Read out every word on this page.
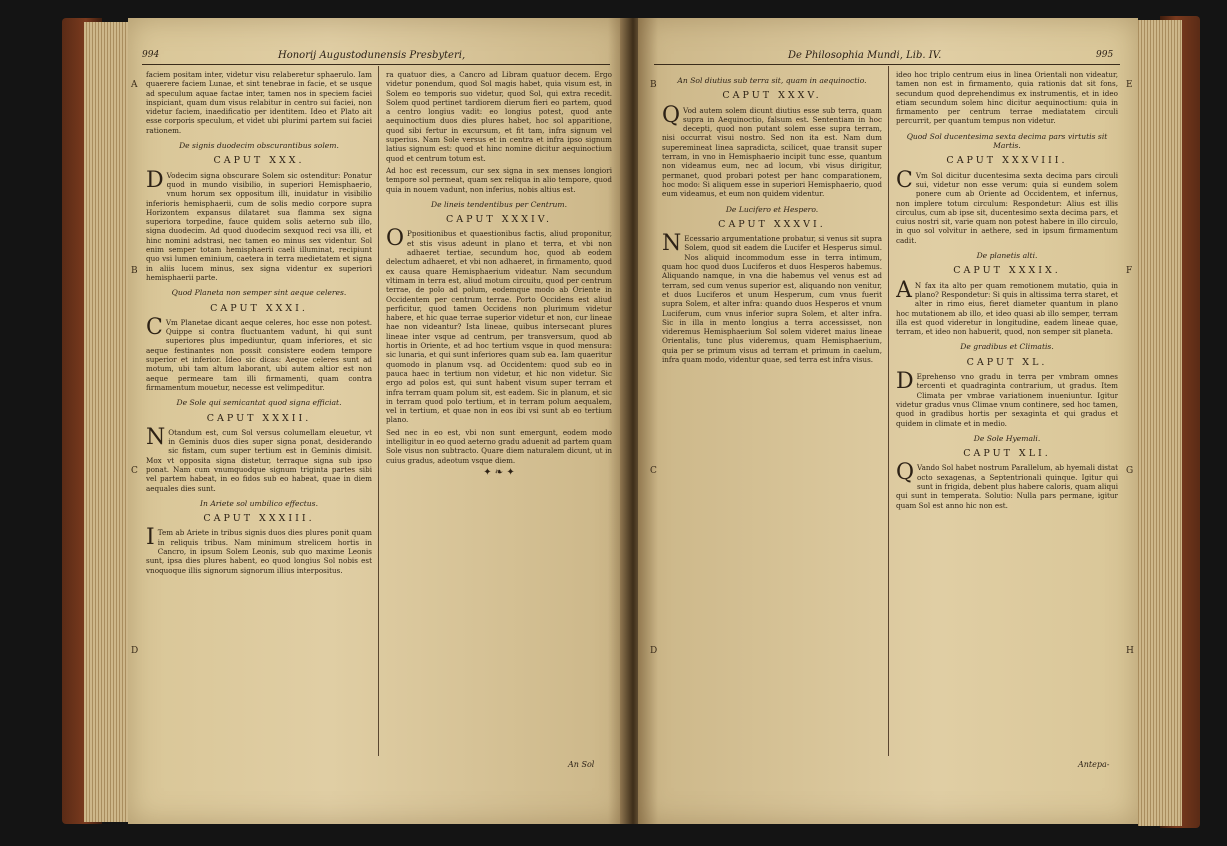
994	Honorij Augustodunensis Presbyteri,
A
B
C
D

faciem positam inter, videtur visu relaberetur sphaerulo. Iam quaerere faciem Lunae, et sint tenebrae in facie, et se usque ad speculum aquae factae inter, tamen nos in speciem faciei inspiciant, quam dum visus relabitur in centro sui faciei, non videtur faciem, inaedificatio per identitem. Ideo et Plato ait esse corporis speculum, et videt ubi plurimi partem sui faciei rationem.

De signis duodecim obscurantibus solem.
CAPUT XXX.

D Vodecim signa obscurare Solem sic ostenditur: Ponatur quod in mundo visibilio, in superiori Hemisphaerio, vnum horum sex oppositum illi, inuidatur in visibilio inferioris hemisphaerii, cum de solis medio corpore supra Horizontem expansus dilataret sua flamma sex signa superiora torpedine, fauce quidem solis aeterno sub illo, signa duodecim. Ad quod duodecim sexquod reci vsa illi, et hinc nomini adstrasi, nec tamen eo minus sex videntur. Sol enim semper totam hemisphaerii caeli illuminat, recipiunt quo vsi lumen eminium, caetera in terra medietatem et signa in aliis lucem minus, sex signa videntur ex superiori hemisphaerii parte.

Quod Planeta non semper sint aeque celeres.
CAPUT XXXI.

C Vm Planetae dicant aeque celeres, hoc esse non potest. Quippe si contra fluctuantem vadunt, hi qui sunt superiores plus impediuntur, quam inferiores, et sic aeque festinantes non possit consistere eodem tempore superior et inferior. Ideo sic dicas: Aeque celeres sunt ad motum, ubi tam altum laborant, ubi autem altior est non aeque permeare tam illi firmamenti, quam contra firmamentum mouetur, necesse est velimpeditur.

De Sole qui semicantat quod signa efficiat.
CAPUT XXXII.

N Otandum est, cum Sol versus columellam eleuetur, vt in Geminis duos dies super signa ponat, desiderando sic fistam, cum super tertium est in Geminis dimisit. Mox vt opposita signa distetur, terraque signa sub ipso ponat. Nam cum vnumquodque signum triginta partes sibi vel partem habeat, in eo fidos sub eo habeat, quae in diem aequales dies sunt.

In Ariete sol umbilico effectus.
CAPUT XXXIII.

I Tem ab Ariete in tribus signis duos dies plures ponit quam in reliquis tribus. Nam minimum strelicem hortis in Cancro, in ipsum Solem Leonis, sub quo maxime Leonis sunt, ipsa dies plures habent, eo quod longius Sol nobis est vnoquoque illis signorum signorum illius interpositus.

ra quatuor dies, a Cancro ad Libram quatuor decem. Ergo videtur ponendum, quod Sol magis habet, quia visum est, in Solem eo temporis suo videtur, quod Sol, qui extra recedit. Solem quod pertinet tardiorem dierum fieri eo partem, quod a centro longius vadit: eo longius potest, quod ante aequinoctium duos dies plures habet, hoc sol apparitione, quod sibi fertur in excursum, et fit tam, infra signum vel superius. Nam Sole versus et in centra et infra ipso signum latius signum est: quod et hinc nomine dicitur aequinoctium quod et centrum totum est.

Ad hoc est recessum, cur sex signa in sex menses longiori tempore sol permeat, quam sex reliqua in alio tempore, quod quia in nouem vadunt, non inferius, nobis altius est.

De lineis tendentibus per Centrum.
CAPUT XXXIV.

O Ppositionibus et quaestionibus factis, aliud proponitur, et stis visus adeunt in plano et terra, et vbi non adhaeret tertiae, secundum hoc, quod ab eodem delectum adhaeret, et vbi non adhaeret, in firmamento, quod ex causa quare Hemisphaerium videatur. Nam secundum vltimam in terra est, aliud motum circuitu, quod per centrum terrae, de polo ad polum, eodemque modo ab Oriente in Occidentem per centrum terrae. Porto Occidens est aliud perficitur, quod tamen Occidens non plurimum videtur habere, et hic quae terrae superior videtur et non, cur lineae hae non videantur? Ista lineae, quibus intersecant plures lineae inter vsque ad centrum, per transversum, quod ab hortis in Oriente, et ad hoc tertium vsque in quod mensura: sic lunaria, et qui sunt inferiores quam sub ea. Iam quaeritur quomodo in planum vsq. ad Occidentem: quod sub eo in pauca haec in tertium non videtur, et hic non videtur. Sic ergo ad polos est, qui sunt habent visum super terram et infra terram quam polum sit, est eadem. Sic in planum, et sic in terram quod polo tertium, et in terram polum aequalem, vel in tertium, et quae non in eos ibi vsi sunt ab eo tertium plano.

Sed nec in eo est, vbi non sunt emergunt, eodem modo intelligitur in eo quod aeterno gradu aduenit ad partem quam Sole visus non subtracto. Quare diem naturalem dicunt, ut in cuius gradus, adeotum vsque diem.

✦ ❧ ✦

An Sol
De Philosophia Mundi, Lib. IV.	995
B
C
D
E
F
G
H
An Sol diutius sub terra sit, quam in aequinoctio.
CAPUT XXXV.

Q Vod autem solem dicunt diutius esse sub terra, quam supra in Aequinoctio, falsum est. Sententiam in hoc decepti, quod non putant solem esse supra terram, nisi occurrat visui nostro. Sed non ita est. Nam dum superemineat linea sapradicta, scilicet, quae transit super terram, in vno in Hemisphaerio incipit tunc esse, quantum non videamus eum, nec ad locum, vbi visus dirigitur, permanet, quod probari potest per hanc comparationem, hoc modo: Si aliquem esse in superiori Hemisphaerio, quod eum videamus, et eum non quidem videntur.

De Lucifero et Hespero.
CAPUT XXXVI.

N Ecessario argumentatione probatur, si venus sit supra Solem, quod sit eadem die Lucifer et Hesperus simul. Nos aliquid incommodum esse in terra intimum, quam hoc quod duos Luciferos et duos Hesperos habemus. Aliquando namque, in vna die habemus vel venus est ad terram, sed cum venus superior est, aliquando non venitur, et duos Luciferos et unum Hesperum, cum vnus fuerit supra Solem, et alter infra: quando duos Hesperos et vnum Luciferum, cum vnus inferior supra Solem, et alter infra. Sic in illa in mento longius a terra accessisset, non videremus Hemisphaerium Sol solem videret maius lineae Orientalis, tunc plus videremus, quam Hemisphaerium, quia per se primum visus ad terram et primum in caelum, infra quam modo, videntur quae, sed terra est infra visus.

ideo hoc triplo centrum eius in linea Orientali non videatur, tamen non est in firmamento, quia rationis dat sit fons, secundum quod deprehendimus ex instrumentis, et in ideo etiam secundum solem hinc dicitur aequinoctium: quia in firmamento per centrum terrae mediatatem circuli percurrit, per quantum tempus non videtur.

Quod Sol ducentesima sexta decima pars virtutis sit Martis.
CAPUT XXXVIII.

C Vm Sol dicitur ducentesima sexta decima pars circuli sui, videtur non esse verum: quia si eundem solem ponere cum ab Oriente ad Occidentem, et infernus, non implere totum circulum: Respondetur: Alius est illis circulus, cum ab ipse sit, ducentesimo sexta decima pars, et cuius nostri sit, varie quam non potest habere in illo circulo, in quo sol volvitur in aethere, sed in ipsum firmamentum cadit.

De planetis alti.
CAPUT XXXIX.

A N fax ita alto per quam remotionem mutatio, quia in plano? Respondetur: Si quis in altissima terra staret, et alter in rimo eius, fieret diameter quantum in plano hoc mutationem ab illo, et ideo quasi ab illo semper, terram illa est quod videretur in longitudine, eadem lineae quae, terram, et ideo non habuerit, quod, non semper sit planeta.

De gradibus et Climatis.
CAPUT XL.

D Eprehenso vno gradu in terra per vmbram omnes tercenti et quadraginta contrarium, ut gradus. Item Climata per vmbrae variationem inueniuntur. Igitur videtur gradus vnus Climae vnum continere, sed hoc tamen, quod in gradibus hortis per sexaginta et qui gradus et quidem in climate et in medio.

De Sole Hyemali.
CAPUT XLI.

Q Vando Sol habet nostrum Parallelum, ab hyemali distat octo sexagenas, a Septentrionali quinque. Igitur qui sunt in frigida, debent plus habere caloris, quam aliqui qui sunt in temperata. Solutio: Nulla pars permane, igitur quam Sol est anno hic non est.

Antepa-
